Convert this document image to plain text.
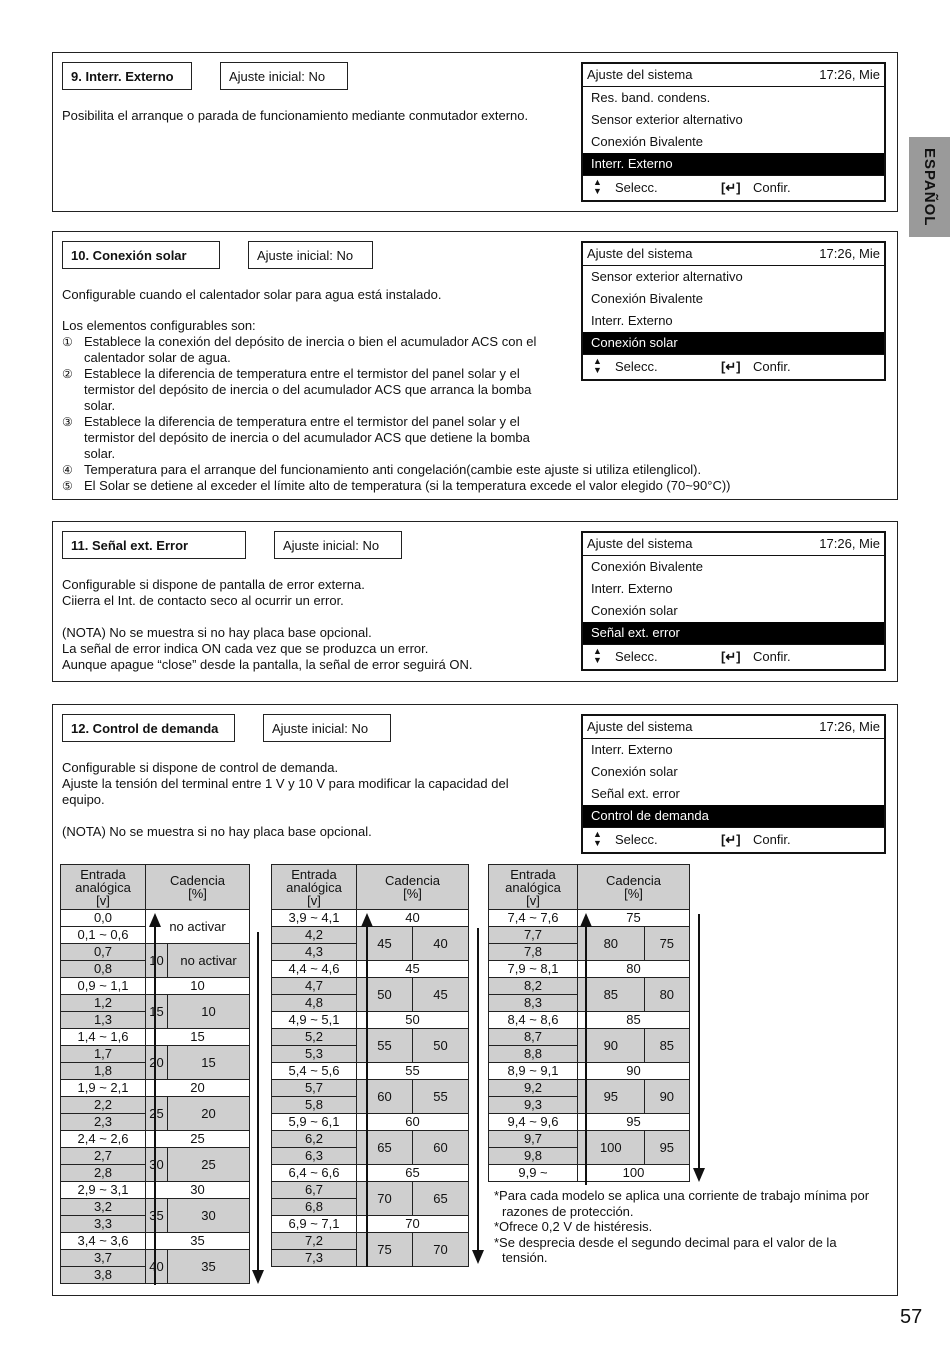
ESPAÑOL
57
9. Interr. Externo	Ajuste inicial: No
Posibilita el arranque o parada de funcionamiento mediante conmutador externo.
Ajuste del sistema	17:26, Mie
Res. band. condens.
Sensor exterior alternativo
Conexión Bivalente
Interr. Externo
▲
▼ Selecc.	[↵] Confir.
10. Conexión solar	Ajuste inicial: No

Configurable cuando el calentador solar para agua está instalado.

Los elementos configurables son:

① Establece la conexión del depósito de inercia o bien el acumulador ACS con el calentador solar de agua.
② Establece la diferencia de temperatura entre el termistor del panel solar y el termistor del depósito de inercia o del acumulador ACS que arranca la bomba solar.
③ Establece la diferencia de temperatura entre el termistor del panel solar y el termistor del depósito de inercia o del acumulador ACS que detiene la bomba solar.
④ Temperatura para el arranque del funcionamiento anti congelación(cambie este ajuste si utiliza etilenglicol).
⑤ El Solar se detiene al exceder el límite alto de temperatura (si la temperatura excede el valor elegido (70~90°C))
Ajuste del sistema	17:26, Mie
Sensor exterior alternativo
Conexión Bivalente
Interr. Externo
Conexión solar
▲
▼ Selecc.	[↵] Confir.
11. Señal ext. Error	Ajuste inicial: No

Configurable si dispone de pantalla de error externa.

Ciierra el Int. de contacto seco al ocurrir un error.

(NOTA) No se muestra si no hay placa base opcional.

La señal de error indica ON cada vez que se produzca un error.

Aunque apague “close” desde la pantalla, la señal de error seguirá ON.

Ajuste del sistema	17:26, Mie
Conexión Bivalente
Interr. Externo
Conexión solar
Señal ext. error
▲
▼ Selecc.	[↵] Confir.
12. Control de demanda	Ajuste inicial: No

Configurable si dispone de control de demanda.

Ajuste la tensión del terminal entre 1 V y 10 V para modificar la capacidad del equipo.

(NOTA) No se muestra si no hay placa base opcional.

Ajuste del sistema	17:26, Mie
Interr. Externo
Conexión solar
Señal ext. error
Control de demanda
▲
▼ Selecc.	[↵] Confir.
Entrada
analógica
[v]	Cadencia
[%]	
0,0	no activar	
0,1 ~ 0,6		
0,7	10	no activar
0,8		
0,9 ~ 1,1	10	
1,2	15	10
1,3		
1,4 ~ 1,6	15	
1,7	20	15
1,8		
1,9 ~ 2,1	20	
2,2	25	20
2,3		
2,4 ~ 2,6	25	
2,7	30	25
2,8		
2,9 ~ 3,1	30	
3,2	35	30
3,3		
3,4 ~ 3,6	35	
3,7	40	35
3,8		
Entrada
analógica
[v]	Cadencia
[%]	
3,9 ~ 4,1	40	
4,2	45	40
4,3		
4,4 ~ 4,6	45	
4,7	50	45
4,8		
4,9 ~ 5,1	50	
5,2	55	50
5,3		
5,4 ~ 5,6	55	
5,7	60	55
5,8		
5,9 ~ 6,1	60	
6,2	65	60
6,3		
6,4 ~ 6,6	65	
6,7	70	65
6,8		
6,9 ~ 7,1	70	
7,2	75	70
7,3		
Entrada
analógica
[v]	Cadencia
[%]	
7,4 ~ 7,6	75	
7,7	80	75
7,8		
7,9 ~ 8,1	80	
8,2	85	80
8,3		
8,4 ~ 8,6	85	
8,7	90	85
8,8		
8,9 ~ 9,1	90	
9,2	95	90
9,3		
9,4 ~ 9,6	95	
9,7	100	95
9,8		
9,9 ~	100	

*Para cada modelo se aplica una corriente de trabajo mínima por razones de protección.

*Ofrece 0,2 V de histéresis.

*Se desprecia desde el segundo decimal para el valor de la tensión.
